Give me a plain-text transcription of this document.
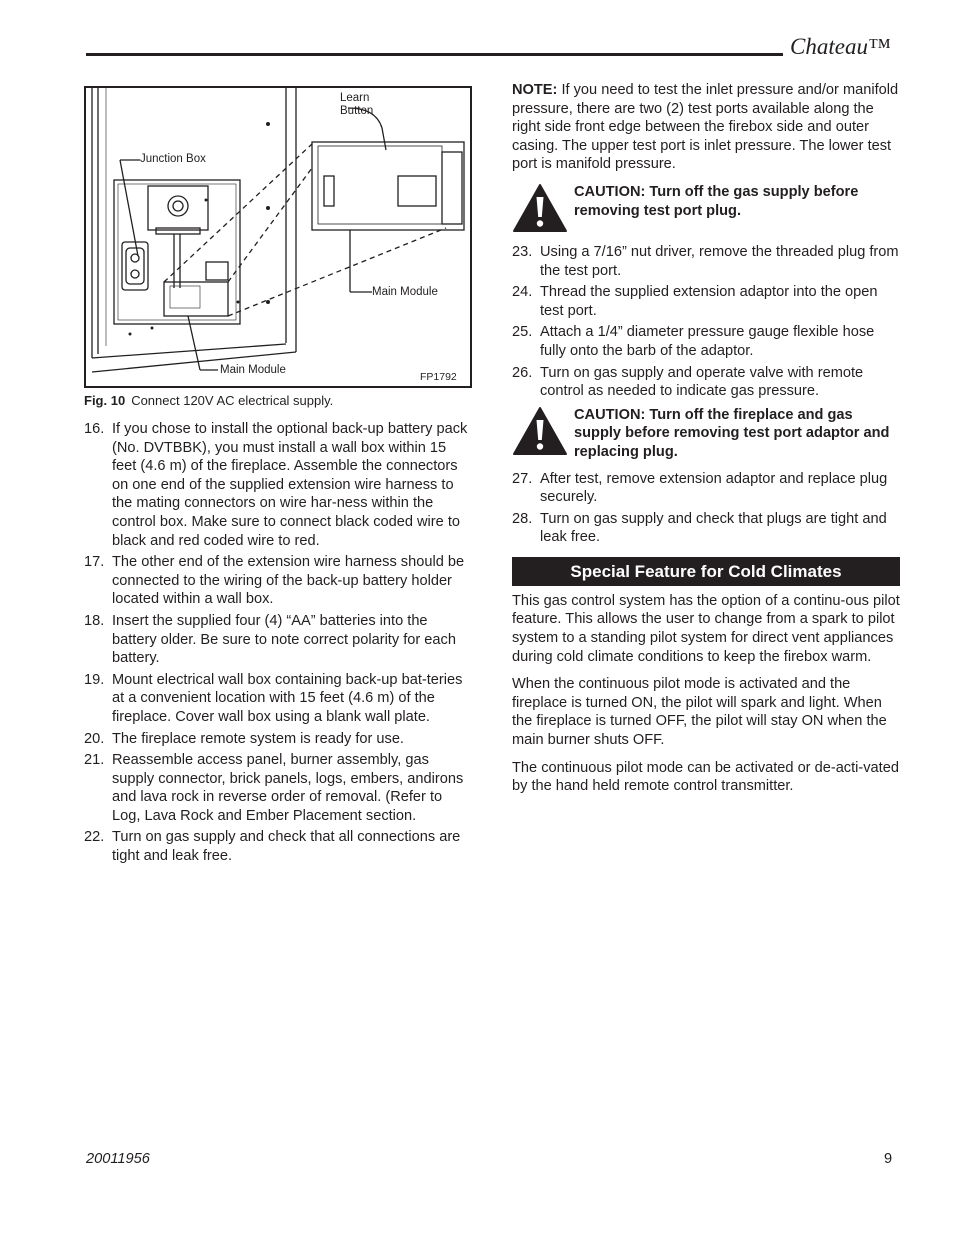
Chateau™
Learn
Button
Junction Box
Main Module
Main Module
FP1792
Fig. 10 Connect 120V AC electrical supply.
16. If you chose to install the optional back-up battery pack (No. DVTBBK), you must install a wall box within 15 feet (4.6 m) of the fireplace. Assemble the connectors on one end of the supplied extension wire harness to the mating connectors on wire har-ness within the control box. Make sure to connect black coded wire to black and red coded wire to red.
17. The other end of the extension wire harness should be connected to the wiring of the back-up battery holder located within a wall box.
18. Insert the supplied four (4) “AA” batteries into the battery older. Be sure to note correct polarity for each battery.
19. Mount electrical wall box containing back-up bat-teries at a convenient location with 15 feet (4.6 m) of the fireplace. Cover wall box using a blank wall plate.
20. The fireplace remote system is ready for use.
21. Reassemble access panel, burner assembly, gas supply connector, brick panels, logs, embers, andirons and lava rock in reverse order of removal. (Refer to Log, Lava Rock and Ember Placement section.
22. Turn on gas supply and check that all connections are tight and leak free.

NOTE: If you need to test the inlet pressure and/or manifold pressure, there are two (2) test ports available along the right side front edge between the firebox side and outer casing. The upper test port is inlet pressure. The lower test port is manifold pressure.

CAUTION: Turn off the gas supply before removing test port plug.
23. Using a 7/16” nut driver, remove the threaded plug from the test port.
24. Thread the supplied extension adaptor into the open test port.
25. Attach a 1/4” diameter pressure gauge flexible hose fully onto the barb of the adaptor.
26. Turn on gas supply and operate valve with remote control as needed to indicate gas pressure.
CAUTION: Turn off the fireplace and gas supply before removing test port adaptor and replacing plug.
27. After test, remove extension adaptor and replace plug securely.
28. Turn on gas supply and check that plugs are tight and leak free.
Special Feature for Cold Climates

This gas control system has the option of a continu-ous pilot feature. This allows the user to change from a spark to pilot system to a standing pilot system for direct vent appliances during cold climate conditions to keep the firebox warm.

When the continuous pilot mode is activated and the fireplace is turned ON, the pilot will spark and light. When the fireplace is turned OFF, the pilot will stay ON when the main burner shuts OFF.

The continuous pilot mode can be activated or de-acti-vated by the hand held remote control transmitter.

20011956	9
